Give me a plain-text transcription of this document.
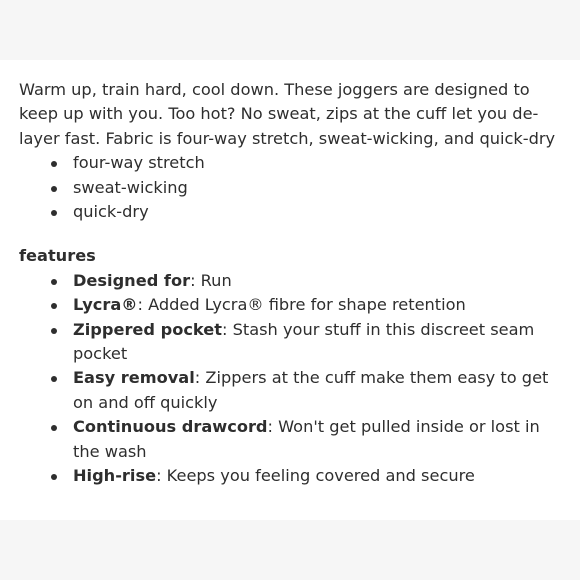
Warm up, train hard, cool down. These joggers are designed to keep up with you. Too hot? No sweat, zips at the cuff let you de-layer fast. Fabric is four-way stretch, sweat-wicking, and quick-dry

four-way stretch
sweat-wicking
quick-dry
features
Designed for: Run
Lycra®: Added Lycra® fibre for shape retention
Zippered pocket: Stash your stuff in this discreet seam pocket
Easy removal: Zippers at the cuff make them easy to get on and off quickly
Continuous drawcord: Won't get pulled inside or lost in the wash
High-rise: Keeps you feeling covered and secure
